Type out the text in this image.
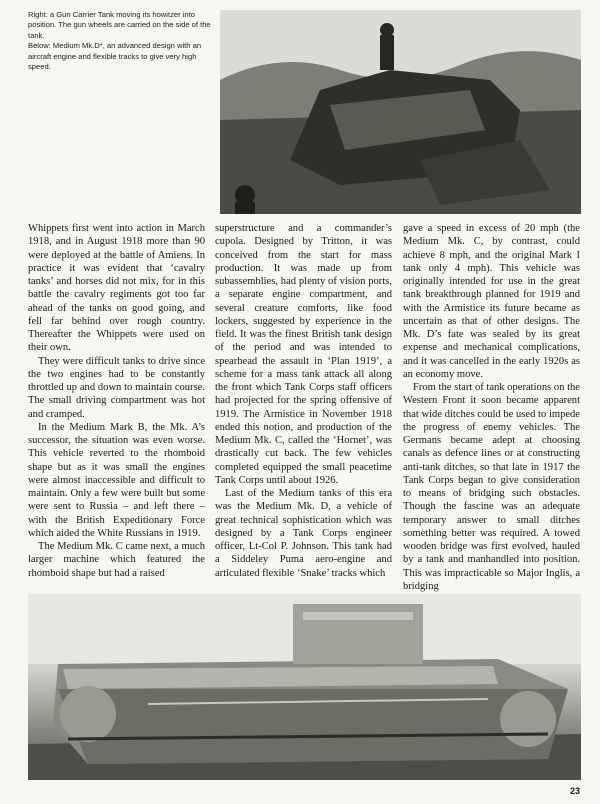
Right: a Gun Carrier Tank moving its howitzer into position. The gun wheels are carried on the side of the tank.

Below: Medium Mk.D*, an advanced design with an aircraft engine and flexible tracks to give very high speed.

Whippets first went into action in March 1918, and in August 1918 more than 90 were deployed at the battle of Amiens. In practice it was evident that ‘cavalry tanks’ and horses did not mix, for in this battle the cavalry regiments got too far ahead of the tanks on good going, and fell far behind over rough country. Thereafter the Whippets were used on their own.

They were difficult tanks to drive since the two engines had to be constantly throttled up and down to maintain course. The small driving compartment was hot and cramped.

In the Medium Mark B, the Mk. A’s successor, the situation was even worse. This vehicle reverted to the rhomboid shape but as it was small the engines were almost inaccessible and difficult to maintain. Only a few were built but some were sent to Russia – and left there – with the British Expeditionary Force which aided the White Russians in 1919.

The Medium Mk. C came next, a much larger machine which featured the rhomboid shape but had a raised

superstructure and a commander’s cupola. Designed by Tritton, it was conceived from the start for mass production. It was made up from subassemblies, had plenty of vision ports, a separate engine compartment, and several creature comforts, like food lockers, suggested by experience in the field. It was the finest British tank design of the period and was intended to spearhead the assault in ‘Plan 1919’, a scheme for a mass tank attack all along the front which Tank Corps staff officers had projected for the spring offensive of 1919. The Armistice in November 1918 ended this notion, and production of the Medium Mk. C, called the ‘Hornet’, was drastically cut back. The few vehicles completed equipped the small peacetime Tank Corps until about 1926.

Last of the Medium tanks of this era was the Medium Mk. D, a vehicle of great technical sophistication which was designed by a Tank Corps engineer officer, Lt-Col P. Johnson. This tank had a Siddeley Puma aero-engine and articulated flexible ‘Snake’ tracks which

gave a speed in excess of 20 mph (the Medium Mk. C, by contrast, could achieve 8 mph, and the original Mark I tank only 4 mph). This vehicle was originally intended for use in the great tank breakthrough planned for 1919 and with the Armistice its future became as uncertain as that of other designs. The Mk. D’s fate was sealed by its great expense and mechanical complications, and it was cancelled in the early 1920s as an economy move.

From the start of tank operations on the Western Front it soon became apparent that wide ditches could be used to impede the progress of enemy vehicles. The Germans became adept at choosing canals as defence lines or at constructing anti-tank ditches, so that late in 1917 the Tank Corps began to give consideration to means of bridging such obstacles. Though the fascine was an adequate temporary answer to small ditches something better was required. A towed wooden bridge was first evolved, hauled by a tank and manhandled into position. This was impracticable so Major Inglis, a bridging

23
